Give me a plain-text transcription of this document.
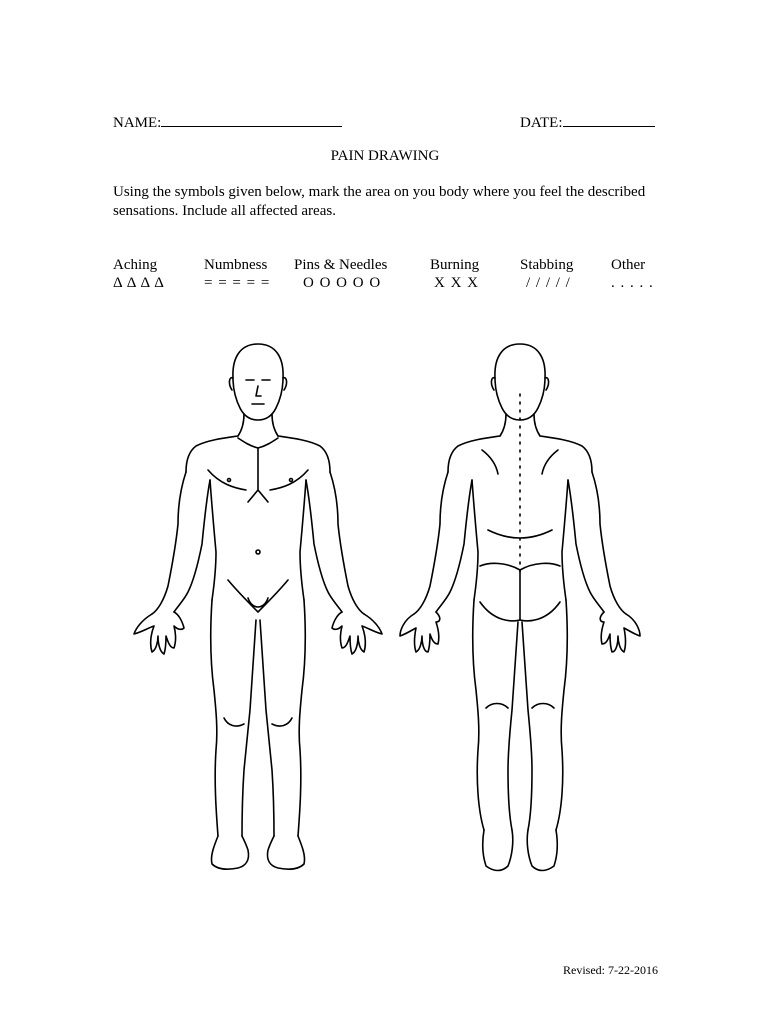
NAME:	DATE:
PAIN DRAWING
Using the symbols given below, mark the area on you body where you feel the described sensations. Include all affected areas.
Aching
Δ Δ Δ Δ
Numbness
= = = = =
Pins & Needles
O O O O O
Burning
X X X
Stabbing
/ / / / /
Other
. . . . .
Revised: 7-22-2016
